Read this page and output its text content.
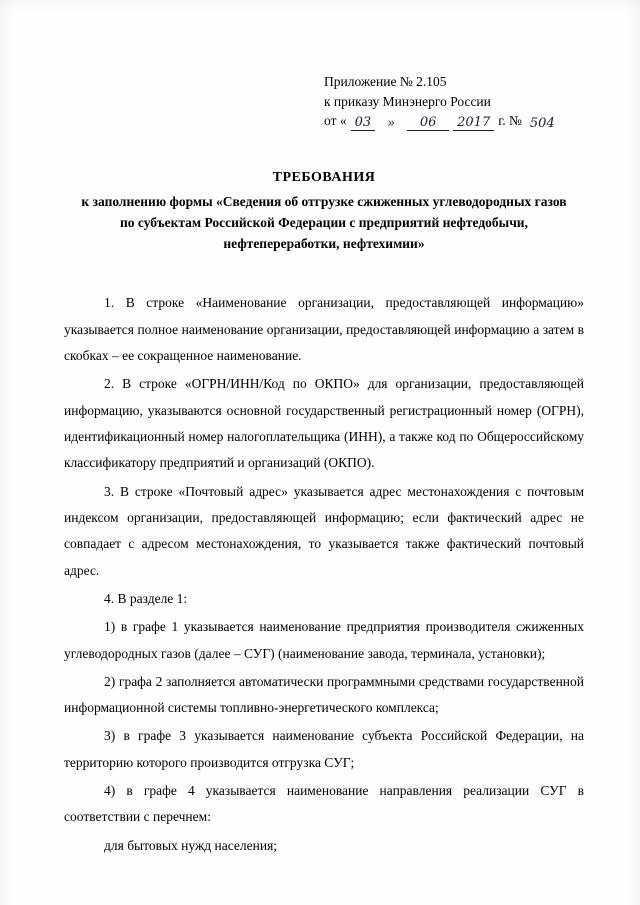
Приложение № 2.105
к приказу Минэнерго России
от « 03	»	06	2017 г. № 504
ТРЕБОВАНИЯ
к заполнению формы «Сведения об отгрузке сжиженных углеводородных газов
по субъектам Российской Федерации с предприятий нефтедобычи,
нефтепереработки, нефтехимии»

1. В строке «Наименование организации, предоставляющей информацию» указывается полное наименование организации, предоставляющей информацию а затем в скобках – ее сокращенное наименование.

2. В строке «ОГРН/ИНН/Код по ОКПО» для организации, предоставляющей информацию, указываются основной государственный регистрационный номер (ОГРН), идентификационный номер налогоплательщика (ИНН), а также код по Общероссийскому классификатору предприятий и организаций (ОКПО).

3. В строке «Почтовый адрес» указывается адрес местонахождения с почтовым индексом организации, предоставляющей информацию; если фактический адрес не совпадает с адресом местонахождения, то указывается также фактический почтовый адрес.

4. В разделе 1:

1) в графе 1 указывается наименование предприятия производителя сжиженных углеводородных газов (далее – СУГ) (наименование завода, терминала, установки);

2) графа 2 заполняется автоматически программными средствами государственной информационной системы топливно-энергетического комплекса;

3) в графе 3 указывается наименование субъекта Российской Федерации, на территорию которого производится отгрузка СУГ;

4) в графе 4 указывается наименование направления реализации СУГ в соответствии с перечнем:

для бытовых нужд населения;
